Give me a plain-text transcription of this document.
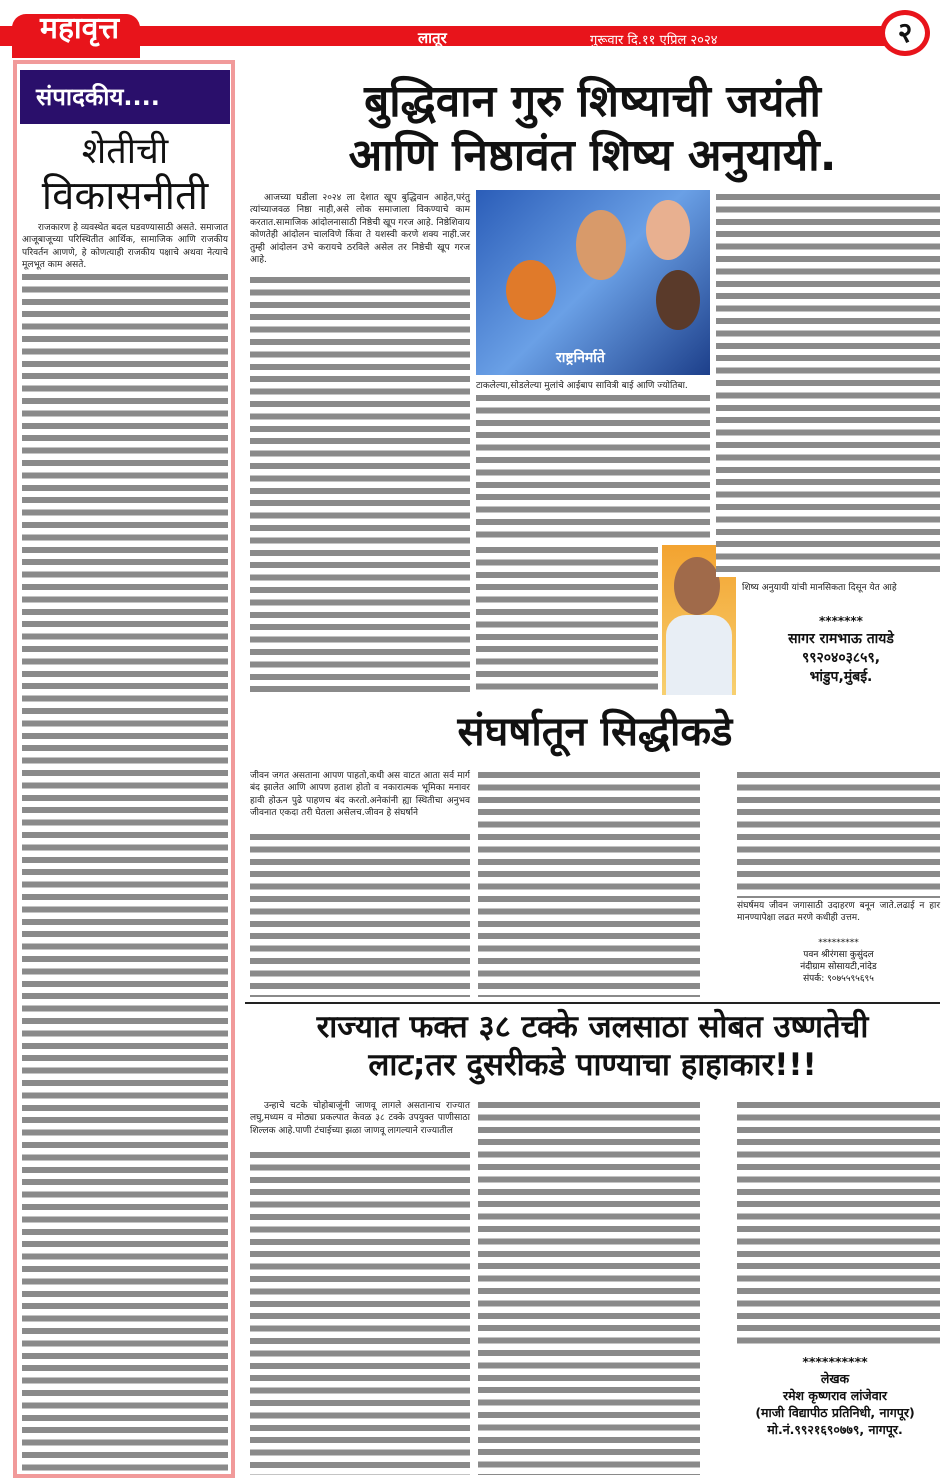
महावृत्त	लातूर	गुरूवार दि.११ एप्रिल २०२४	२
संपादकीय....
शेतीची
विकासनीती
राजकारण हे व्यवस्थेत बदल घडवण्यासाठी असते. समाजात आजूबाजूच्या परिस्थितीत आर्थिक, सामाजिक आणि राजकीय परिवर्तन आणणे, हे कोणत्याही राजकीय पक्षाचे अथवा नेत्याचे मूलभूत काम असते.
बुद्धिवान गुरु शिष्याची जयंती
आणि निष्ठावंत शिष्य अनुयायी.
आजच्या घडीला २०२४ ला देशात खूप बुद्धिवान आहेत,परंतु त्यांच्याजवळ निष्ठा नाही,असे लोक समाजाला विकण्याचे काम करतात.सामाजिक आंदोलनासाठी निष्ठेची खूप गरज आहे. निष्ठेशिवाय कोणतेही आंदोलन चालविणे किंवा ते यशस्वी करणे शक्य नाही.जर तुम्ही आंदोलन उभे करायचे ठरविले असेल तर निष्ठेची खूप गरज आहे.
राष्ट्रनिर्माते
टाकलेल्या,सोडलेल्या मुलांचे आईबाप सावित्री बाई आणि ज्योतिबा.
शिष्य अनुयायी यांची मानसिकता दिसून येत आहे
*******
सागर रामभाऊ तायडे
९९२०४०३८५९,
भांडुप,मुंबई.
संघर्षातून सिद्धीकडे
जीवन जगत असताना आपण पाहतो,कधी अस वाटत आता सर्व मार्ग बंद झालेत आणि आपण हताश होतो व नकारात्मक भूमिका मनावर हावी होऊन पुढे पाहणच बंद करतो.अनेकांनी ह्या स्थितीचा अनुभव जीवनात एकदा तरी घेतला असेलच.जीवन हे संघर्षाने
संघर्षमय जीवन जगासाठी उदाहरण बनून जाते.लढाई न हार मानण्यापेक्षा लढत मरणे कधीही उत्तम.
*********
पवन श्रीरंगसा कुसुंदल
नंदीग्राम सोसायटी,नांदेड
संपर्क: ९०७५५९५६९५
राज्यात फक्त ३८ टक्के जलसाठा सोबत उष्णतेची
लाट;तर दुसरीकडे पाण्याचा हाहाकार!!!
उन्हाचे चटके चोहोबाजूंनी जाणवू लागले असतानाच राज्यात लघु,मध्यम व मोठ्या प्रकल्पात केवळ ३८ टक्के उपयुक्त पाणीसाठा शिल्लक आहे.पाणी टंचाईच्या झळा जाणवू लागल्याने राज्यातील
**********
लेखक
रमेश कृष्णराव लांजेवार
(माजी विद्यापीठ प्रतिनिधी, नागपूर)
मो.नं.९९२१६९०७७९, नागपूर.
